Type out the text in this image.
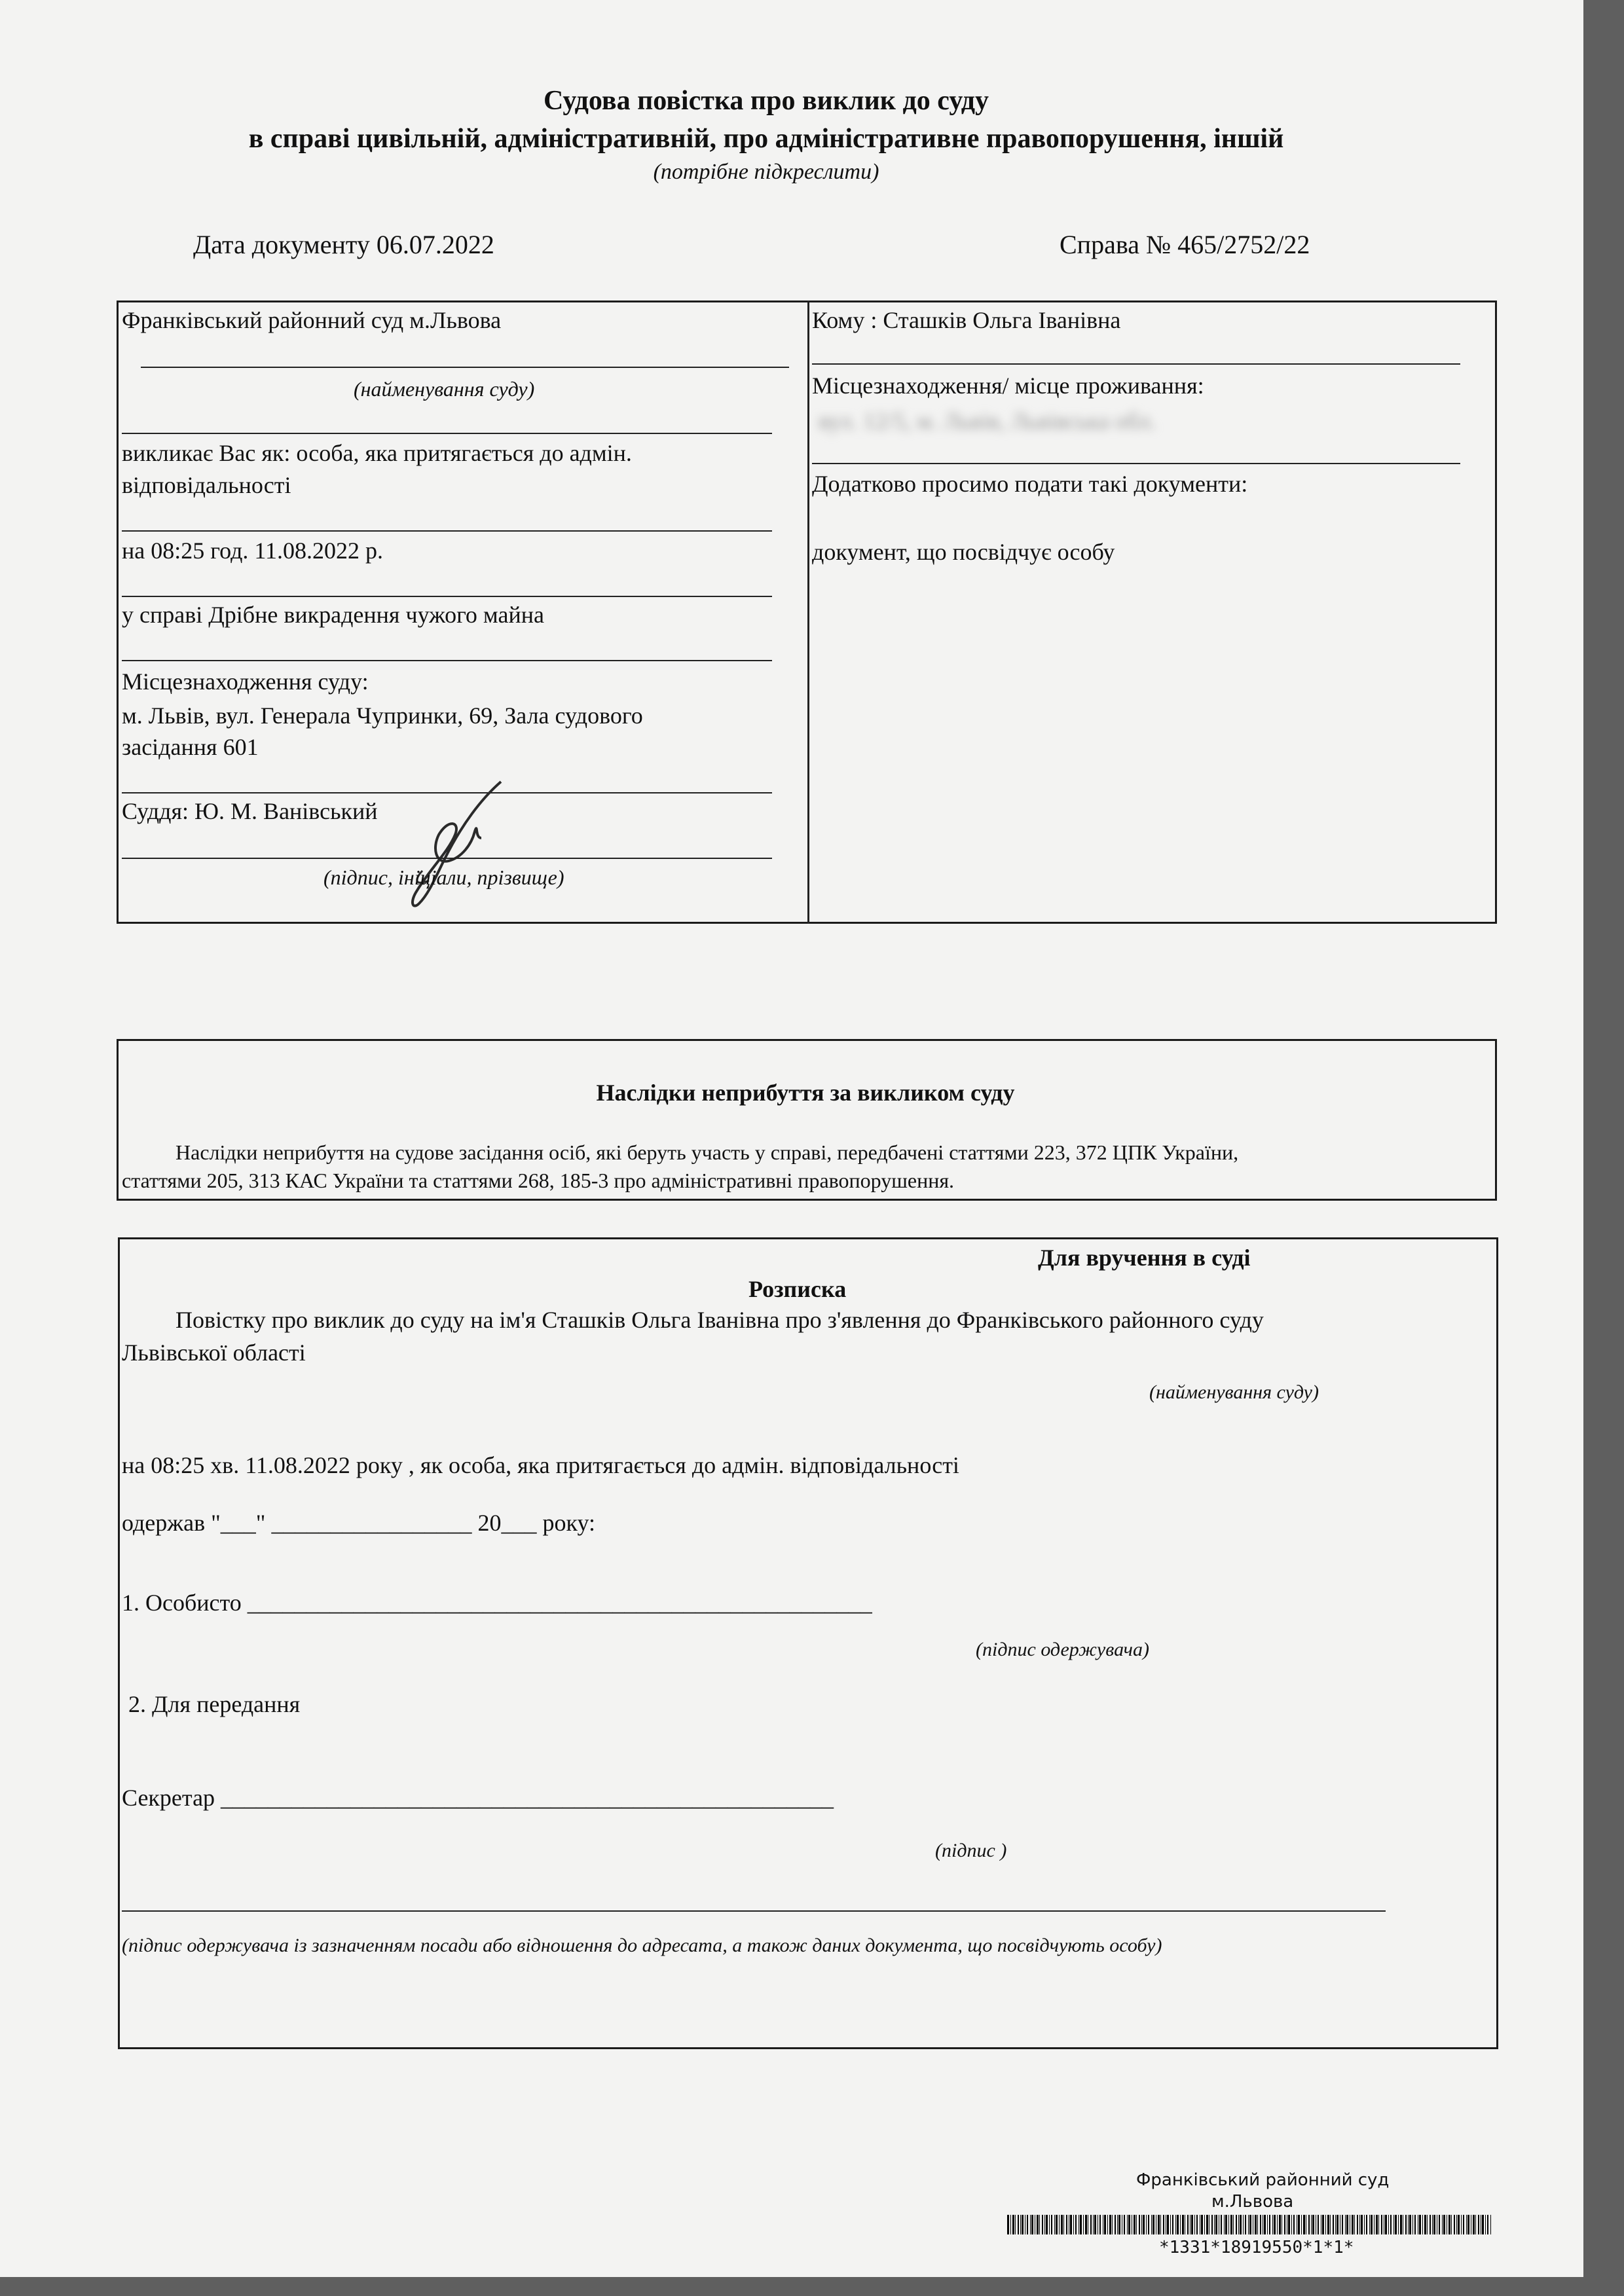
Судова повістка про виклик до суду
в справі цивільній, адміністративній, про адміністративне правопорушення, іншій
(потрібне підкреслити)
Дата документу 06.07.2022	Справа № 465/2752/22
Франківський районний суд м.Львова
(найменування суду)
викликає Вас як: особа, яка притягається до адмін.
відповідальності
на 08:25 год. 11.08.2022 р.
у справі Дрібне викрадення чужого майна
Місцезнаходження суду:
м. Львів, вул. Генерала Чупринки, 69, Зала судового
засідання 601
Суддя: Ю. М. Ванівський
(підпис, ініціали, прізвище)
Кому : Сташків Ольга Іванівна
Місцезнаходження/ місце проживання:
вул. 12/5, м. Львів, Львівська обл.
Додатково просимо подати такі документи:
документ, що посвідчує особу
Наслідки неприбуття за викликом суду
Наслідки неприбуття на судове засідання осіб, які беруть участь у справі, передбачені статтями 223, 372 ЦПК України,
статтями 205, 313 КАС України та статтями 268, 185-3 про адміністративні правопорушення.
Для вручення в суді
Розписка
Повістку про виклик до суду на ім'я Сташків Ольга Іванівна про з'явлення до Франківського районного суду
Львівської області
(найменування суду)
на 08:25 хв. 11.08.2022 року , як особа, яка притягається до адмін. відповідальності
одержав "___" _________________ 20___ року:
1. Особисто _____________________________________________________
(підпис одержувача)
2. Для передання
Секретар ____________________________________________________
(підпис )
(підпис одержувача із зазначенням посади або відношення до адресата, а також даних документа, що посвідчують особу)
Франківський районний суд
м.Львова
*1331*18919550*1*1*
